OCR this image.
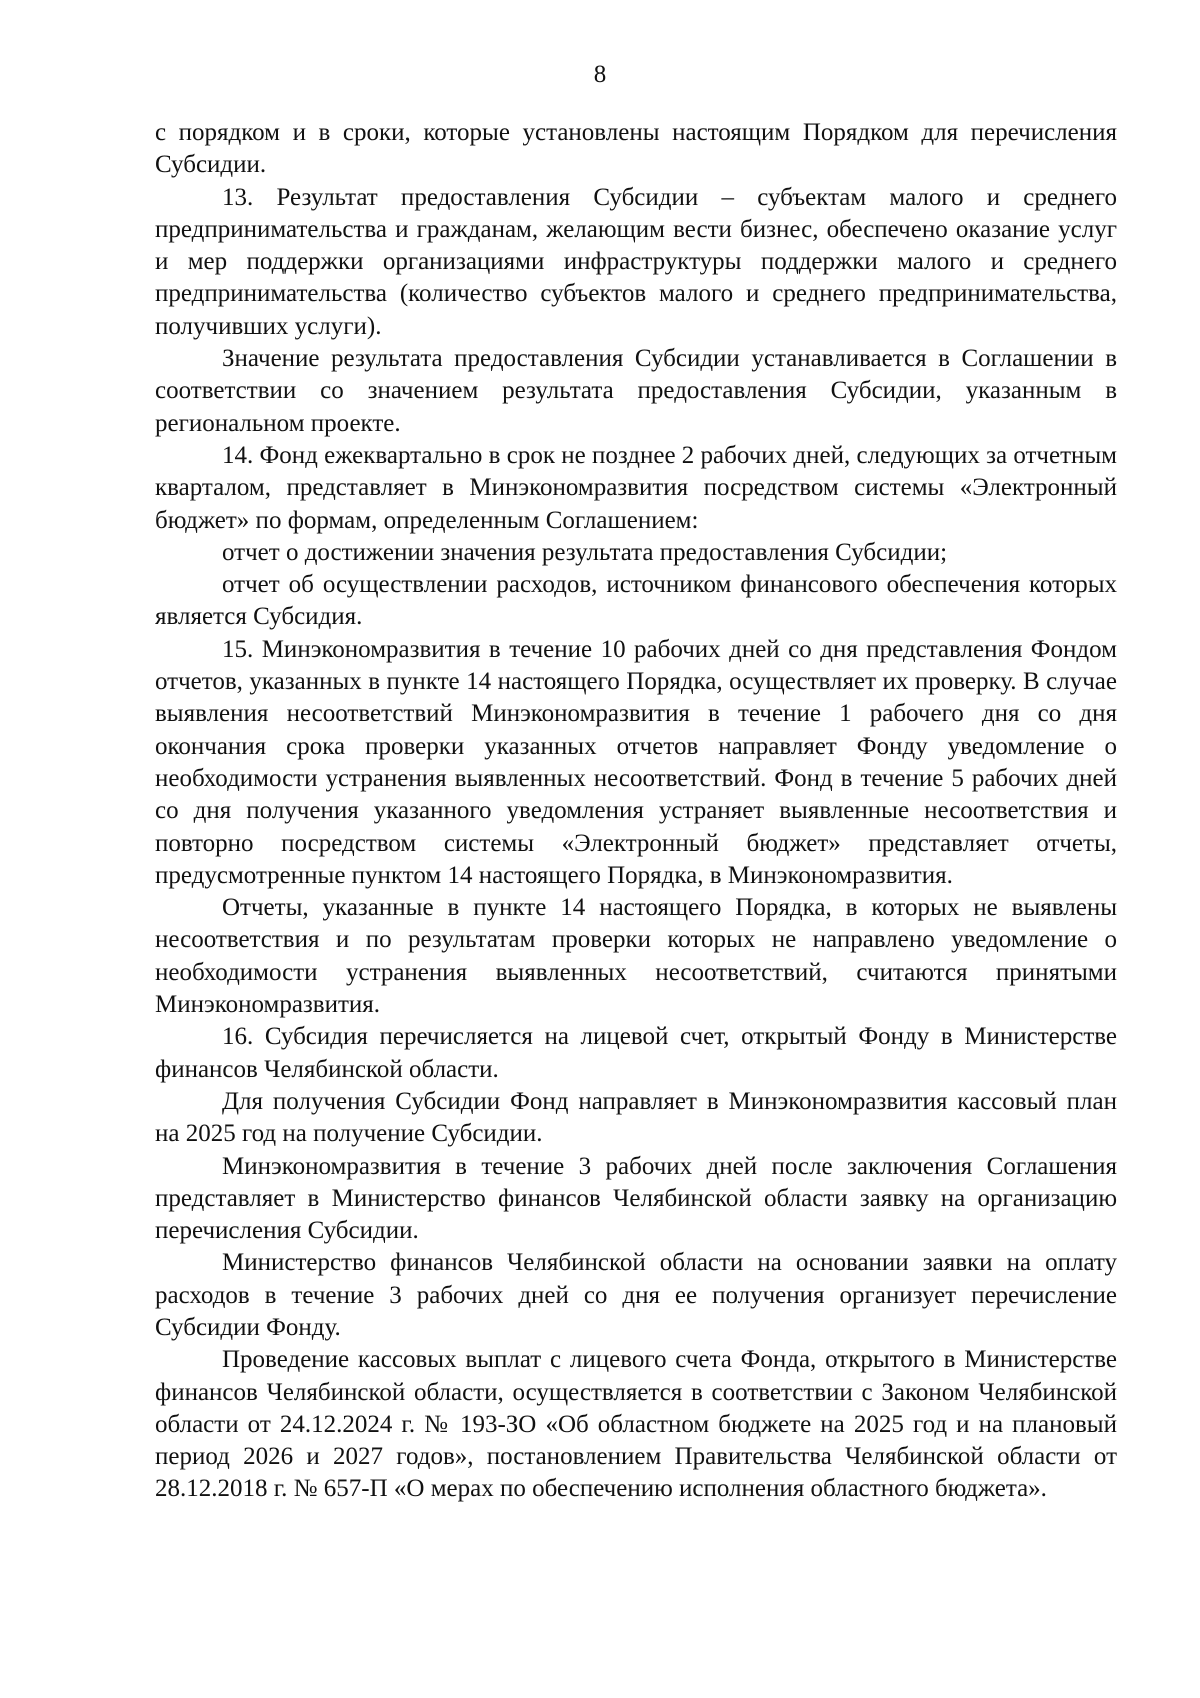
8

с порядком и в сроки, которые установлены настоящим Порядком для перечисления Субсидии.

13. Результат предоставления Субсидии – субъектам малого и среднего предпринимательства и гражданам, желающим вести бизнес, обеспечено оказание услуг и мер поддержки организациями инфраструктуры поддержки малого и среднего предпринимательства (количество субъектов малого и среднего предпринимательства, получивших услуги).

Значение результата предоставления Субсидии устанавливается в Соглашении в соответствии со значением результата предоставления Субсидии, указанным в региональном проекте.

14. Фонд ежеквартально в срок не позднее 2 рабочих дней, следующих за отчетным кварталом, представляет в Минэкономразвития посредством системы «Электронный бюджет» по формам, определенным Соглашением:

отчет о достижении значения результата предоставления Субсидии;

отчет об осуществлении расходов, источником финансового обеспечения которых является Субсидия.

15. Минэкономразвития в течение 10 рабочих дней со дня представления Фондом отчетов, указанных в пункте 14 настоящего Порядка, осуществляет их проверку. В случае выявления несоответствий Минэкономразвития в течение 1 рабочего дня со дня окончания срока проверки указанных отчетов направляет Фонду уведомление о необходимости устранения выявленных несоответствий. Фонд в течение 5 рабочих дней со дня получения указанного уведомления устраняет выявленные несоответствия и повторно посредством системы «Электронный бюджет» представляет отчеты, предусмотренные пунктом 14 настоящего Порядка, в Минэкономразвития.

Отчеты, указанные в пункте 14 настоящего Порядка, в которых не выявлены несоответствия и по результатам проверки которых не направлено уведомление о необходимости устранения выявленных несоответствий, считаются принятыми Минэкономразвития.

16. Субсидия перечисляется на лицевой счет, открытый Фонду в Министерстве финансов Челябинской области.

Для получения Субсидии Фонд направляет в Минэкономразвития кассовый план на 2025 год на получение Субсидии.

Минэкономразвития в течение 3 рабочих дней после заключения Соглашения представляет в Министерство финансов Челябинской области заявку на организацию перечисления Субсидии.

Министерство финансов Челябинской области на основании заявки на оплату расходов в течение 3 рабочих дней со дня ее получения организует перечисление Субсидии Фонду.

Проведение кассовых выплат с лицевого счета Фонда, открытого в Министерстве финансов Челябинской области, осуществляется в соответствии с Законом Челябинской области от 24.12.2024 г. № 193-ЗО «Об областном бюджете на 2025 год и на плановый период 2026 и 2027 годов», постановлением Правительства Челябинской области от 28.12.2018 г. № 657-П «О мерах по обеспечению исполнения областного бюджета».
